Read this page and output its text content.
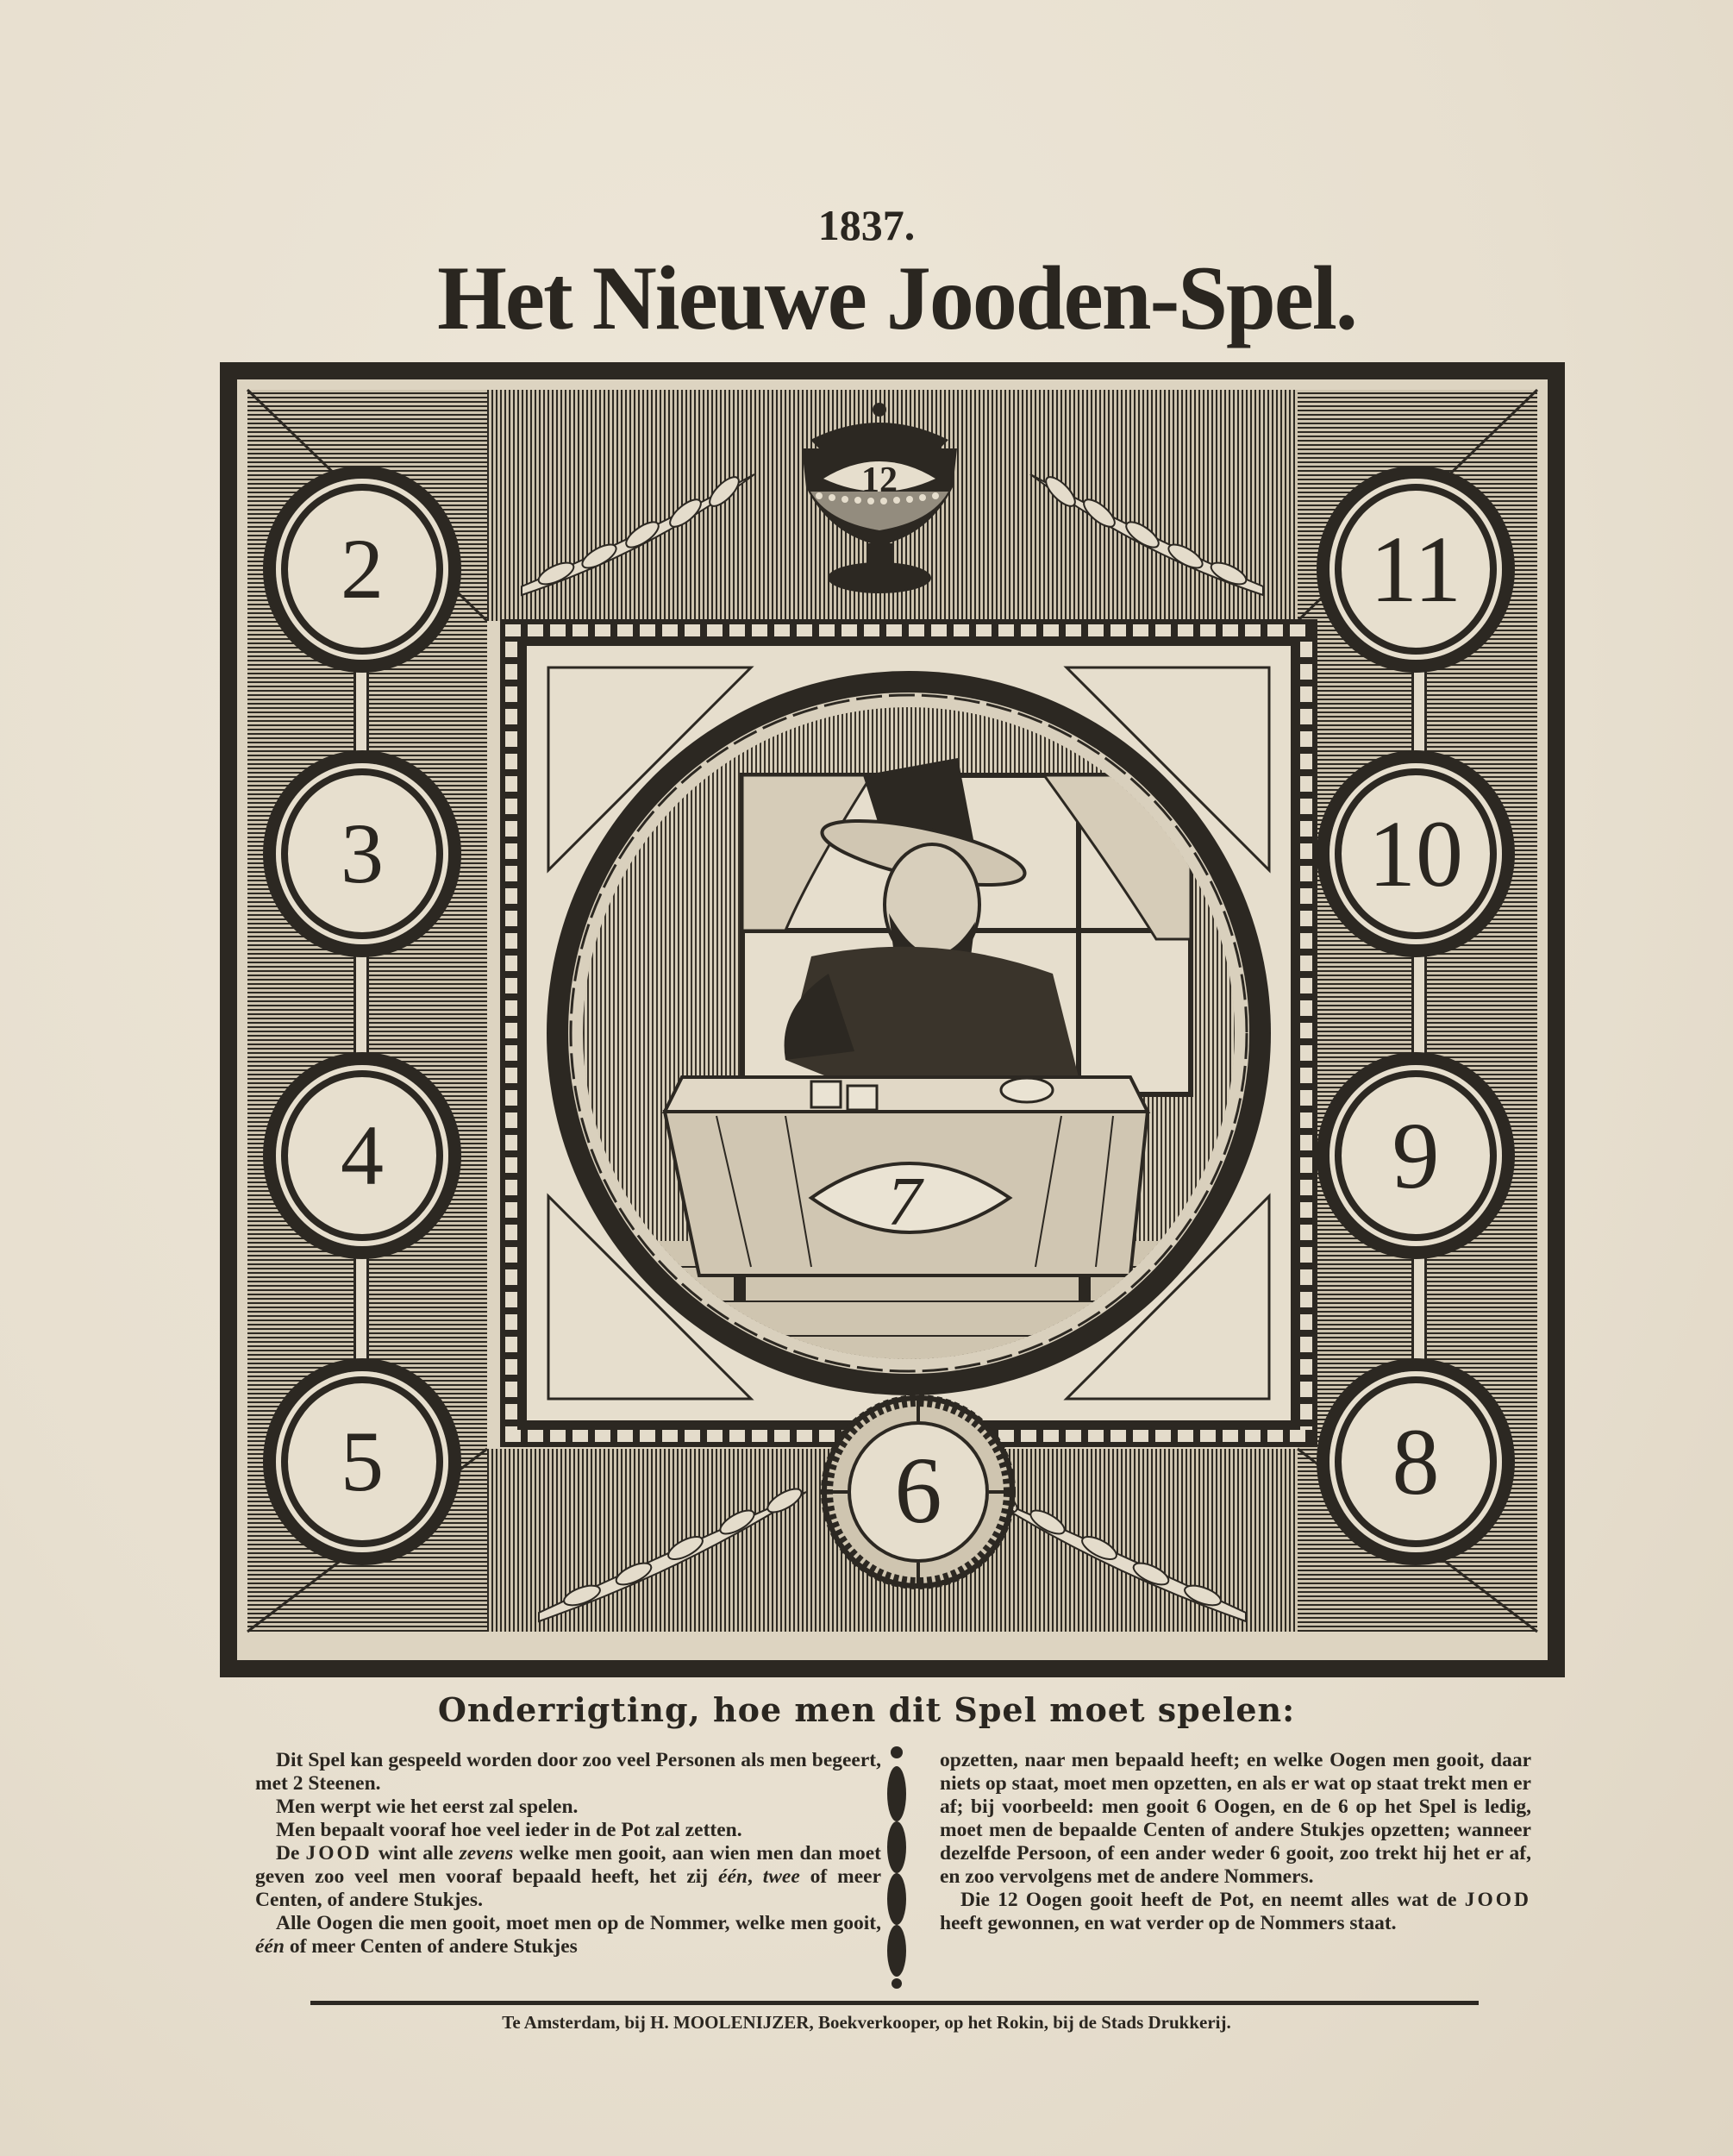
1837.
Het Nieuwe Jooden-Spel.
2
3
4
5
11
10
9
8
12
7
6
Onderrigting, hoe men dit Spel moet spelen:

Dit Spel kan gespeeld worden door zoo veel Personen als men begeert, met 2 Steenen.

Men werpt wie het eerst zal spelen.

Men bepaalt vooraf hoe veel ieder in de Pot zal zetten.

De JOOD wint alle zevens welke men gooit, aan wien men dan moet geven zoo veel men vooraf bepaald heeft, het zij één, twee of meer Centen, of andere Stukjes.

Alle Oogen die men gooit, moet men op de Nommer, welke men gooit, één of meer Centen of andere Stukjes

opzetten, naar men bepaald heeft; en welke Oogen men gooit, daar niets op staat, moet men opzetten, en als er wat op staat trekt men er af; bij voorbeeld: men gooit 6 Oogen, en de 6 op het Spel is ledig, moet men de bepaalde Centen of andere Stukjes opzetten; wanneer dezelfde Persoon, of een ander weder 6 gooit, zoo trekt hij het er af, en zoo vervolgens met de andere Nommers.

Die 12 Oogen gooit heeft de Pot, en neemt alles wat de JOOD heeft gewonnen, en wat verder op de Nommers staat.

Te Amsterdam, bij H. MOOLENIJZER, Boekverkooper, op het Rokin, bij de Stads Drukkerij.
